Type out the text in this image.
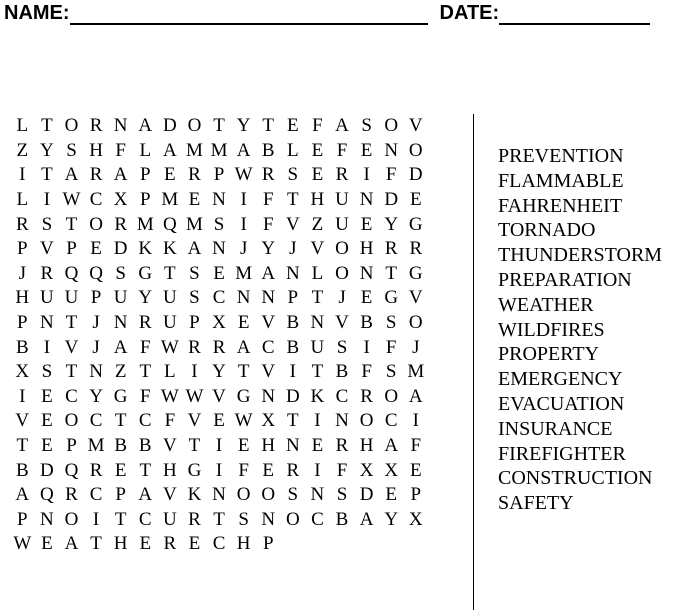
NAME:	DATE:
L T O R N A D O T Y T E F A S O V
Z Y S H F L A M M A B L E F E N O
I T A R A P E R P W R S E R I F D
L I W C X P M E N I F T H U N D E
R S T O R M Q M S I F V Z U E Y G
P V P E D K K A N J Y J V O H R R
J R Q Q S G T S E M A N L O N T G
H U U P U Y U S C N N P T J E G V
P N T J N R U P X E V B N V B S O
B I V J A F W R R A C B U S I F J
X S T N Z T L I Y T V I T B F S M
I E C Y G F W W V G N D K C R O A
V E O C T C F V E W X T I N O C I
T E P M B B V T I E H N E R H A F
B D Q R E T H G I F E R I F X X E
A Q R C P A V K N O O S N S D E P
P N O I T C U R T S N O C B A Y X
W E A T H E R E C H P
PREVENTION
FLAMMABLE
FAHRENHEIT
TORNADO
THUNDERSTORM
PREPARATION
WEATHER
WILDFIRES
PROPERTY
EMERGENCY
EVACUATION
INSURANCE
FIREFIGHTER
CONSTRUCTION
SAFETY
